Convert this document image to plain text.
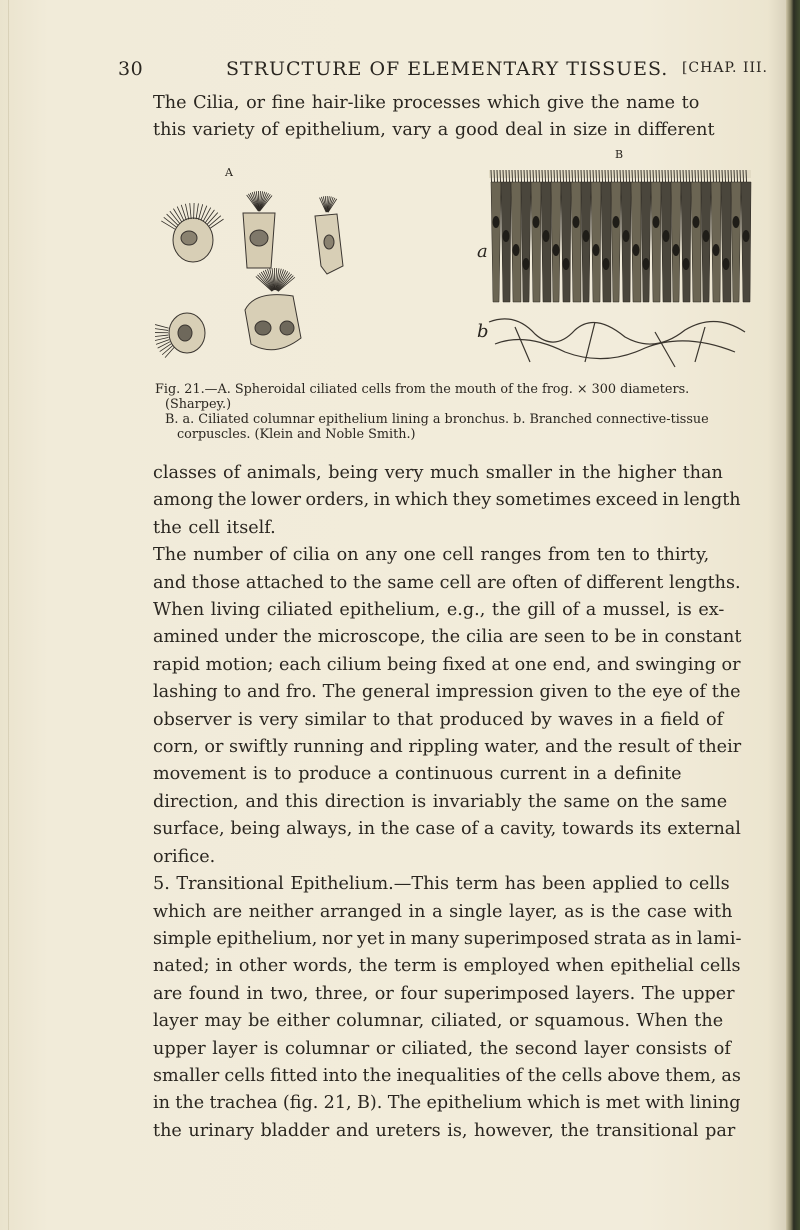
30	STRUCTURE OF ELEMENTARY TISSUES. [CHAP. III.

The Cilia, or fine hair-like processes which give the name to

this variety of epithelium, vary a good deal in size in different

A
B
a
b

Fig. 21.—A. Spheroidal ciliated cells from the mouth of the frog. × 300 diameters.

(Sharpey.)

B. a. Ciliated columnar epithelium lining a bronchus. b. Branched connective-tissue

corpuscles. (Klein and Noble Smith.)

classes of animals, being very much smaller in the higher than

among the lower orders, in which they sometimes exceed in length

the cell itself.

The number of cilia on any one cell ranges from ten to thirty,

and those attached to the same cell are often of different lengths.

When living ciliated epithelium, e.g., the gill of a mussel, is ex-

amined under the microscope, the cilia are seen to be in constant

rapid motion; each cilium being fixed at one end, and swinging or

lashing to and fro. The general impression given to the eye of the

observer is very similar to that produced by waves in a field of

corn, or swiftly running and rippling water, and the result of their

movement is to produce a continuous current in a definite

direction, and this direction is invariably the same on the same

surface, being always, in the case of a cavity, towards its external

orifice.

5. Transitional Epithelium.—This term has been applied to cells

which are neither arranged in a single layer, as is the case with

simple epithelium, nor yet in many superimposed strata as in lami-

nated; in other words, the term is employed when epithelial cells

are found in two, three, or four superimposed layers. The upper

layer may be either columnar, ciliated, or squamous. When the

upper layer is columnar or ciliated, the second layer consists of

smaller cells fitted into the inequalities of the cells above them, as

in the trachea (fig. 21, B). The epithelium which is met with lining

the urinary bladder and ureters is, however, the transitional par
